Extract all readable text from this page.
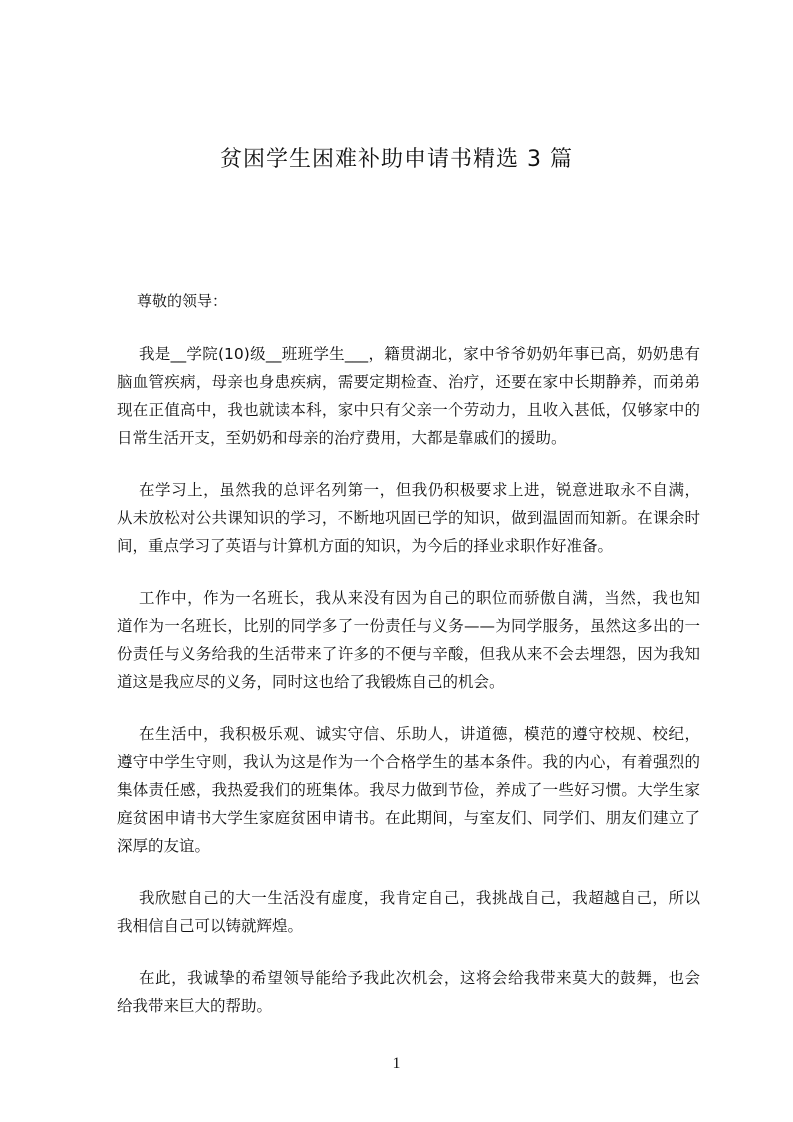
贫困学生困难补助申请书精选 3 篇
尊敬的领导：
我是__学院(10)级__班班学生___，籍贯湖北，家中爷爷奶奶年事已高，奶奶患有
脑血管疾病，母亲也身患疾病，需要定期检查、治疗，还要在家中长期静养，而弟弟
现在正值高中，我也就读本科，家中只有父亲一个劳动力，且收入甚低，仅够家中的
日常生活开支，至奶奶和母亲的治疗费用，大都是靠戚们的援助。
在学习上，虽然我的总评名列第一，但我仍积极要求上进，锐意进取永不自满，
从未放松对公共课知识的学习，不断地巩固已学的知识，做到温固而知新。在课余时
间，重点学习了英语与计算机方面的知识，为今后的择业求职作好准备。
工作中，作为一名班长，我从来没有因为自己的职位而骄傲自满，当然，我也知
道作为一名班长，比别的同学多了一份责任与义务——为同学服务，虽然这多出的一
份责任与义务给我的生活带来了许多的不便与辛酸，但我从来不会去埋怨，因为我知
道这是我应尽的义务，同时这也给了我锻炼自己的机会。
在生活中，我积极乐观、诚实守信、乐助人，讲道德，模范的遵守校规、校纪，
遵守中学生守则，我认为这是作为一个合格学生的基本条件。我的内心，有着强烈的
集体责任感，我热爱我们的班集体。我尽力做到节俭，养成了一些好习惯。大学生家
庭贫困申请书大学生家庭贫困申请书。在此期间，与室友们、同学们、朋友们建立了
深厚的友谊。
我欣慰自己的大一生活没有虚度，我肯定自己，我挑战自己，我超越自己，所以
我相信自己可以铸就辉煌。
在此，我诚挚的希望领导能给予我此次机会，这将会给我带来莫大的鼓舞，也会
给我带来巨大的帮助。
1
